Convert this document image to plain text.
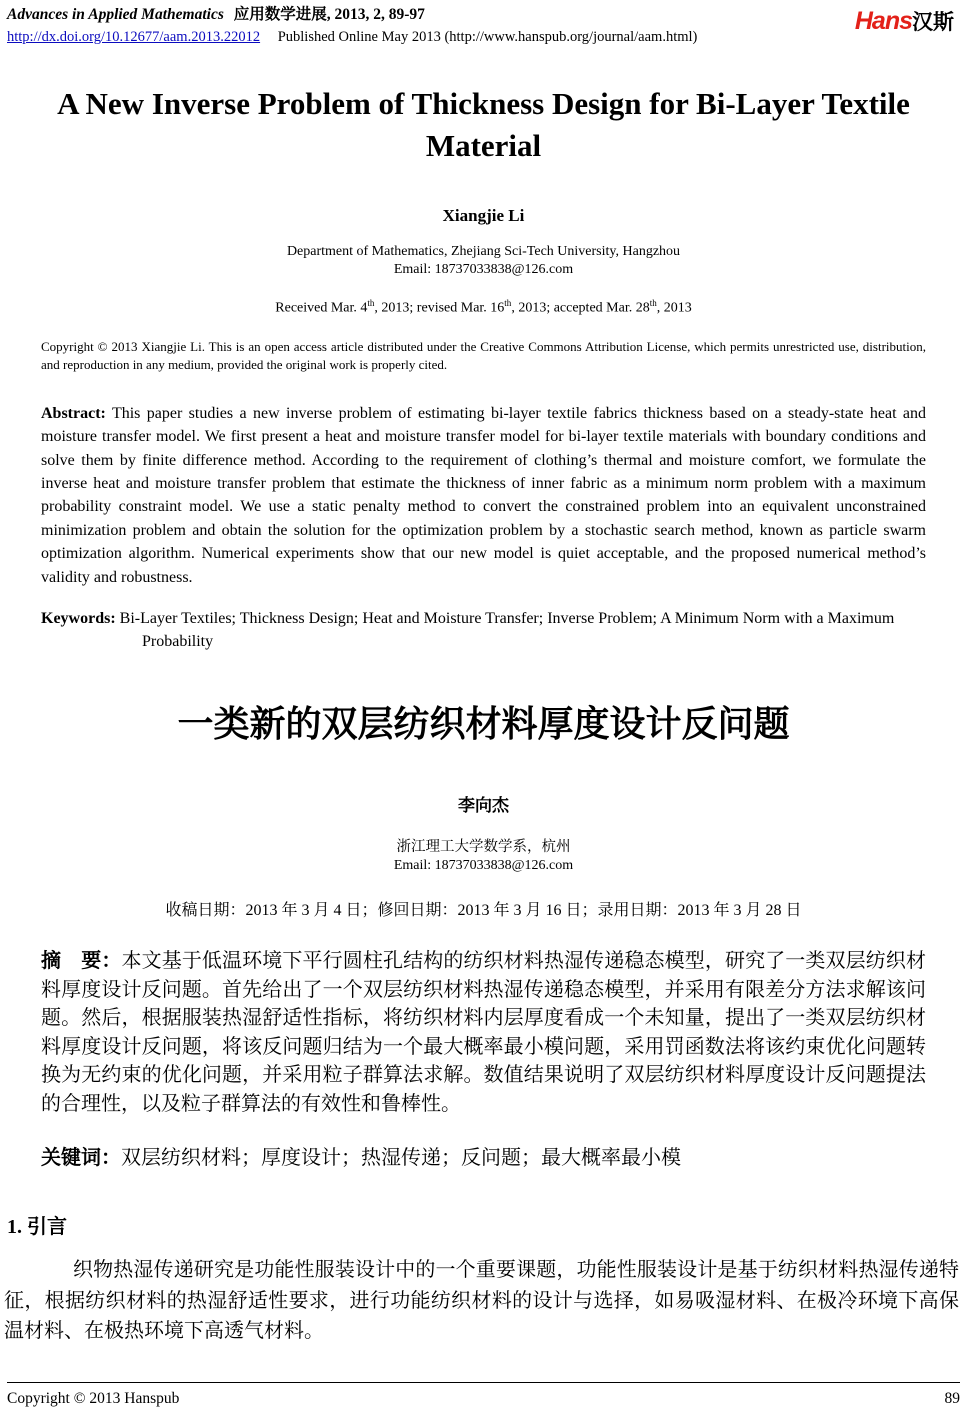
Advances in Applied Mathematics 应用数学进展, 2013, 2, 89-97
http://dx.doi.org/10.12677/aam.2013.22012 Published Online May 2013 (http://www.hanspub.org/journal/aam.html)
Hans汉斯
A New Inverse Problem of Thickness Design for Bi-Layer Textile Material
Xiangjie Li
Department of Mathematics, Zhejiang Sci-Tech University, Hangzhou
Email: 18737033838@126.com
Received Mar. 4th, 2013; revised Mar. 16th, 2013; accepted Mar. 28th, 2013

Copyright © 2013 Xiangjie Li. This is an open access article distributed under the Creative Commons Attribution License, which permits unrestricted use, distribution, and reproduction in any medium, provided the original work is properly cited.

Abstract: This paper studies a new inverse problem of estimating bi-layer textile fabrics thickness based on a steady-state heat and moisture transfer model. We first present a heat and moisture transfer model for bi-layer textile materials with boundary conditions and solve them by finite difference method. According to the requirement of clothing’s thermal and moisture comfort, we formulate the inverse heat and moisture transfer problem that estimate the thickness of inner fabric as a minimum norm problem with a maximum probability constraint model. We use a static penalty method to convert the constrained problem into an equivalent unconstrained minimization problem and obtain the solution for the optimization problem by a stochastic search method, known as particle swarm optimization algorithm. Numerical experiments show that our new model is quiet acceptable, and the proposed numerical method’s validity and robustness.

Keywords: Bi-Layer Textiles; Thickness Design; Heat and Moisture Transfer; Inverse Problem; A Minimum Norm with a Maximum Probability

一类新的双层纺织材料厚度设计反问题
李向杰
浙江理工大学数学系，杭州
Email: 18737033838@126.com
收稿日期：2013 年 3 月 4 日；修回日期：2013 年 3 月 16 日；录用日期：2013 年 3 月 28 日

摘　要：本文基于低温环境下平行圆柱孔结构的纺织材料热湿传递稳态模型，研究了一类双层纺织材料厚度设计反问题。首先给出了一个双层纺织材料热湿传递稳态模型，并采用有限差分方法求解该问题。然后，根据服装热湿舒适性指标，将纺织材料内层厚度看成一个未知量，提出了一类双层纺织材料厚度设计反问题，将该反问题归结为一个最大概率最小模问题，采用罚函数法将该约束优化问题转换为无约束的优化问题，并采用粒子群算法求解。数值结果说明了双层纺织材料厚度设计反问题提法的合理性，以及粒子群算法的有效性和鲁棒性。

关键词：双层纺织材料；厚度设计；热湿传递；反问题；最大概率最小模

1. 引言

织物热湿传递研究是功能性服装设计中的一个重要课题，功能性服装设计是基于纺织材料热湿传递特征，根据纺织材料的热湿舒适性要求，进行功能纺织材料的设计与选择，如易吸湿材料、在极冷环境下高保温材料、在极热环境下高透气材料。

Copyright © 2013 Hanspub	89
